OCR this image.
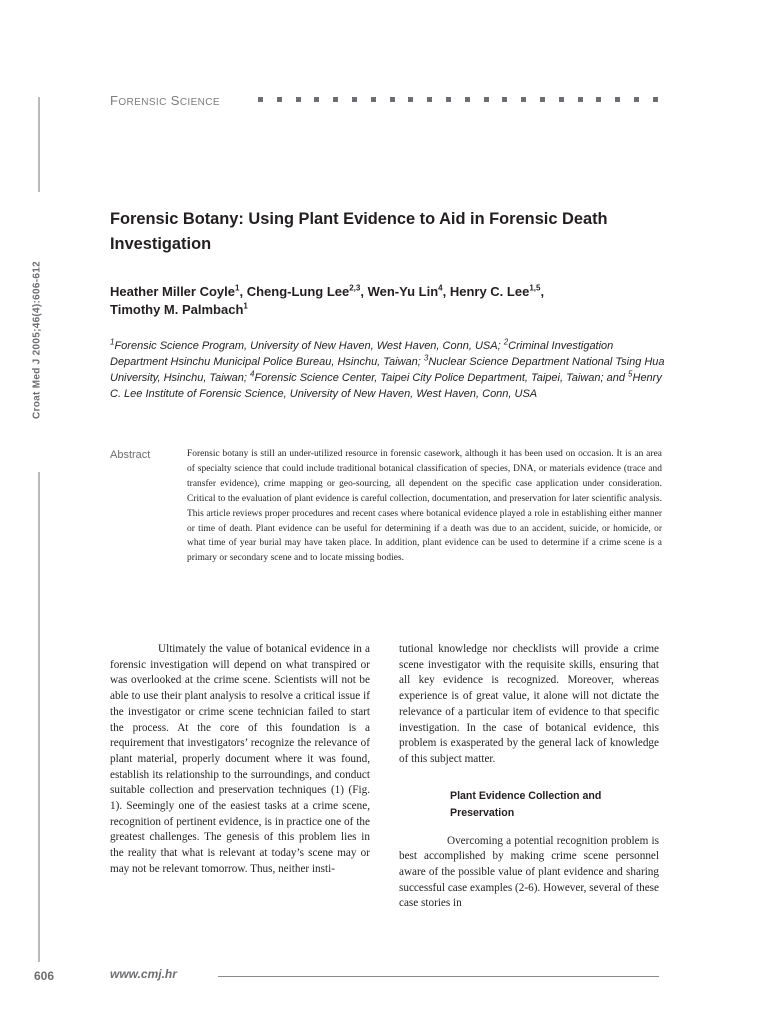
Croat Med J 2005;46(4):606-612
FORENSIC SCIENCE
Forensic Botany: Using Plant Evidence to Aid in Forensic Death Investigation
Heather Miller Coyle$^1$, Cheng-Lung Lee$^{2,3}$, Wen-Yu Lin$^4$, Henry C. Lee$^{1,5}$,
Timothy M. Palmbach$^1$
$^1$Forensic Science Program, University of New Haven, West Haven, Conn, USA; $^2$Criminal Investigation Department Hsinchu Municipal Police Bureau, Hsinchu, Taiwan; $^3$Nuclear Science Department National Tsing Hua University, Hsinchu, Taiwan; $^4$Forensic Science Center, Taipei City Police Department, Taipei, Taiwan; and $^5$Henry C. Lee Institute of Forensic Science, University of New Haven, West Haven, Conn, USA
Abstract	Forensic botany is still an under-utilized resource in forensic casework, although it has been used on occasion. It is an area of specialty science that could include traditional botanical classification of species, DNA, or materials evidence (trace and transfer evidence), crime mapping or geo-sourcing, all dependent on the specific case application under consideration. Critical to the evaluation of plant evidence is careful collection, documentation, and preservation for later scientific analysis. This article reviews proper procedures and recent cases where botanical evidence played a role in establishing either manner or time of death. Plant evidence can be useful for determining if a death was due to an accident, suicide, or homicide, or what time of year burial may have taken place. In addition, plant evidence can be used to determine if a crime scene is a primary or secondary scene and to locate missing bodies.

Ultimately the value of botanical evidence in a forensic investigation will depend on what transpired or was overlooked at the crime scene. Scientists will not be able to use their plant analysis to resolve a critical issue if the investigator or crime scene technician failed to start the process. At the core of this foundation is a requirement that investigators’ recognize the relevance of plant material, properly document where it was found, establish its relationship to the surroundings, and conduct suitable collection and preservation techniques (1) (Fig. 1). Seemingly one of the easiest tasks at a crime scene, recognition of pertinent evidence, is in practice one of the greatest challenges. The genesis of this problem lies in the reality that what is relevant at today’s scene may or may not be relevant tomorrow. Thus, neither insti-

tutional knowledge nor checklists will provide a crime scene investigator with the requisite skills, ensuring that all key evidence is recognized. Moreover, whereas experience is of great value, it alone will not dictate the relevance of a particular item of evidence to that specific investigation. In the case of botanical evidence, this problem is exasperated by the general lack of knowledge of this subject matter.

Plant Evidence Collection and Preservation

Overcoming a potential recognition problem is best accomplished by making crime scene personnel aware of the possible value of plant evidence and sharing successful case examples (2-6). However, several of these case stories in

606	www.cmj.hr
